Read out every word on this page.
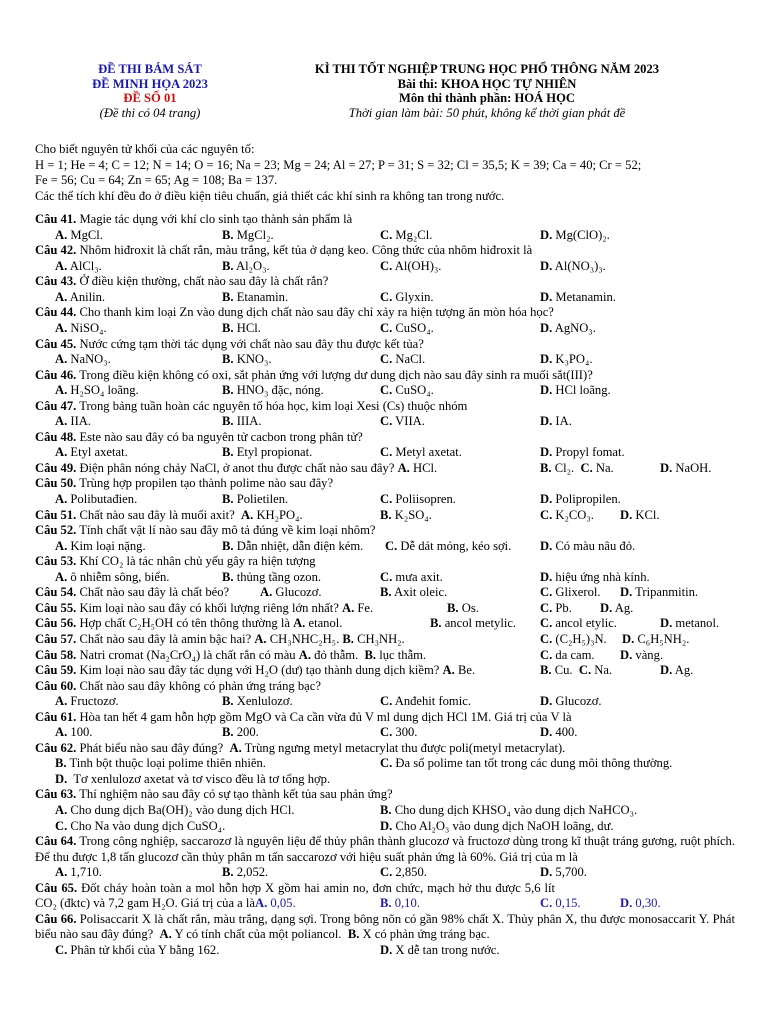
ĐỀ THI BÁM SÁT
ĐỀ MINH HỌA 2023
ĐỀ SỐ 01
(Đề thi có 04 trang)
KÌ THI TỐT NGHIỆP TRUNG HỌC PHỔ THÔNG NĂM 2023
Bài thi: KHOA HỌC TỰ NHIÊN
Môn thi thành phần: HOÁ HỌC
Thời gian làm bài: 50 phút, không kể thời gian phát đề
Cho biết nguyên tử khối của các nguyên tố:
H = 1; He = 4; C = 12; N = 14; O = 16; Na = 23; Mg = 24; Al = 27; P = 31; S = 32; Cl = 35,5; K = 39; Ca = 40; Cr = 52;
Fe = 56; Cu = 64; Zn = 65; Ag = 108; Ba = 137.
Các thể tích khí đều đo ở điều kiện tiêu chuẩn, giả thiết các khí sinh ra không tan trong nước.
Câu 41. Magie tác dụng với khí clo sinh tạo thành sản phẩm là
A. MgCl.	B. MgCl₂.	C. Mg₂Cl.	D. Mg(ClO)₂.
Câu 42. Nhôm hiđroxit là chất rắn, màu trắng, kết tủa ở dạng keo. Công thức của nhôm hiđroxit là
A. AlCl₃.	B. Al₂O₃.	C. Al(OH)₃.	D. Al(NO₃)₃.
Câu 43. Ở điều kiện thường, chất nào sau đây là chất rắn?
A. Anilin.	B. Etanamin.	C. Glyxin.	D. Metanamin.
Câu 44. Cho thanh kim loại Zn vào dung dịch chất nào sau đây chỉ xảy ra hiện tượng ăn mòn hóa học?
A. NiSO₄.	B. HCl.	C. CuSO₄.	D. AgNO₃.
Câu 45. Nước cứng tạm thời tác dụng với chất nào sau đây thu được kết tủa?
A. NaNO₃.	B. KNO₃.	C. NaCl.	D. K₃PO₄.
Câu 46. Trong điều kiện không có oxi, sắt phản ứng với lượng dư dung dịch nào sau đây sinh ra muối sắt(III)?
A. H₂SO₄ loãng.	B. HNO₃ đặc, nóng.	C. CuSO₄.	D. HCl loãng.
Câu 47. Trong bảng tuần hoàn các nguyên tố hóa học, kim loại Xesi (Cs) thuộc nhóm
A. IIA.	B. IIIA.	C. VIIA.	D. IA.
Câu 48. Este nào sau đây có ba nguyên tử cacbon trong phân tử?
A. Etyl axetat.	B. Etyl propionat.	C. Metyl axetat.	D. Propyl fomat.
Câu 49. Điện phân nóng chảy NaCl, ở anot thu được chất nào sau đây? A. HCl.	B. Cl₂. C. Na.	D. NaOH.
Câu 50. Trùng hợp propilen tạo thành polime nào sau đây?
A. Polibutađien.	B. Polietilen.	C. Poliisopren.	D. Polipropilen.
Câu 51. Chất nào sau đây là muối axit? A. KH₂PO₄.	B. K₂SO₄.	C. K₂CO₃. D. KCl.
Câu 52. Tính chất vật lí nào sau đây mô tả đúng về kim loại nhôm?
A. Kim loại nặng.	B. Dẫn nhiệt, dẫn điện kém. C. Dễ dát mỏng, kéo sợi. D. Có màu nâu đỏ.
Câu 53. Khí CO₂ là tác nhân chủ yếu gây ra hiện tượng
A. ô nhiễm sông, biển.	B. thủng tầng ozon.	C. mưa axit.	D. hiệu ứng nhà kính.
Câu 54. Chất nào sau đây là chất béo? A. Glucozơ.	B. Axit oleic.	C. Glixerol. D. Tripanmitin.
Câu 55. Kim loại nào sau đây có khối lượng riêng lớn nhất? A. Fe.	B. Os.	C. Pb. D. Ag.
Câu 56. Hợp chất C₂H₅OH có tên thông thường là A. etanol.	B. ancol metylic. C. ancol etylic.	D. metanol.
Câu 57. Chất nào sau đây là amin bậc hai? A. CH₃NHC₂H₅. B. CH₃NH₂.	C. (C₂H₅)₃N. D. C₆H₅NH₂.
Câu 58. Natri cromat (Na₂CrO₄) là chất rắn có màu A. đỏ thẫm. B. lục thẫm.	C. da cam. D. vàng.
Câu 59. Kim loại nào sau đây tác dụng với H₂O (dư) tạo thành dung dịch kiềm? A. Be.	B. Cu. C. Na.	D. Ag.
Câu 60. Chất nào sau đây không có phản ứng tráng bạc?
A. Fructozơ.	B. Xenlulozơ.	C. Anđehit fomic.	D. Glucozơ.
Câu 61. Hòa tan hết 4 gam hỗn hợp gồm MgO và Ca cần vừa đủ V ml dung dịch HCl 1M. Giá trị của V là
A. 100.	B. 200.	C. 300.	D. 400.
Câu 62. Phát biểu nào sau đây đúng? A. Trùng ngưng metyl metacrylat thu được poli(metyl metacrylat).
B. Tinh bột thuộc loại polime thiên nhiên.	C. Đa số polime tan tốt trong các dung môi thông thường.
D. Tơ xenlulozơ axetat và tơ visco đều là tơ tổng hợp.
Câu 63. Thí nghiệm nào sau đây có sự tạo thành kết tủa sau phản ứng?
A. Cho dung dịch Ba(OH)₂ vào dung dịch HCl.	B. Cho dung dịch KHSO₄ vào dung dịch NaHCO₃.
C. Cho Na vào dung dịch CuSO₄.	D. Cho Al₂O₃ vào dung dịch NaOH loãng, dư.
Câu 64. Trong công nghiệp, saccarozơ là nguyên liệu để thủy phân thành glucozơ và fructozơ dùng trong kĩ thuật tráng gương, ruột phích. Để thu được 1,8 tấn glucozơ cần thủy phân m tấn saccarozơ với hiệu suất phản ứng là 60%. Giá trị của m là
A. 1,710.	B. 2,052.	C. 2,850.	D. 5,700.
Câu 65. Đốt cháy hoàn toàn a mol hỗn hợp X gồm hai amin no, đơn chức, mạch hở thu được 5,6 lít CO₂ (đktc) và 7,2 gam H₂O. Giá trị của a là A. 0,05.	B. 0,10.	C. 0,15.	D. 0,30.
Câu 66. Polisaccarit X là chất rắn, màu trắng, dạng sợi. Trong bông nõn có gần 98% chất X. Thủy phân X, thu được monosaccarit Y. Phát biểu nào sau đây đúng? A. Y có tính chất của một poliancol. B. X có phản ứng tráng bạc.
C. Phân tử khối của Y bằng 162.	D. X dễ tan trong nước.
